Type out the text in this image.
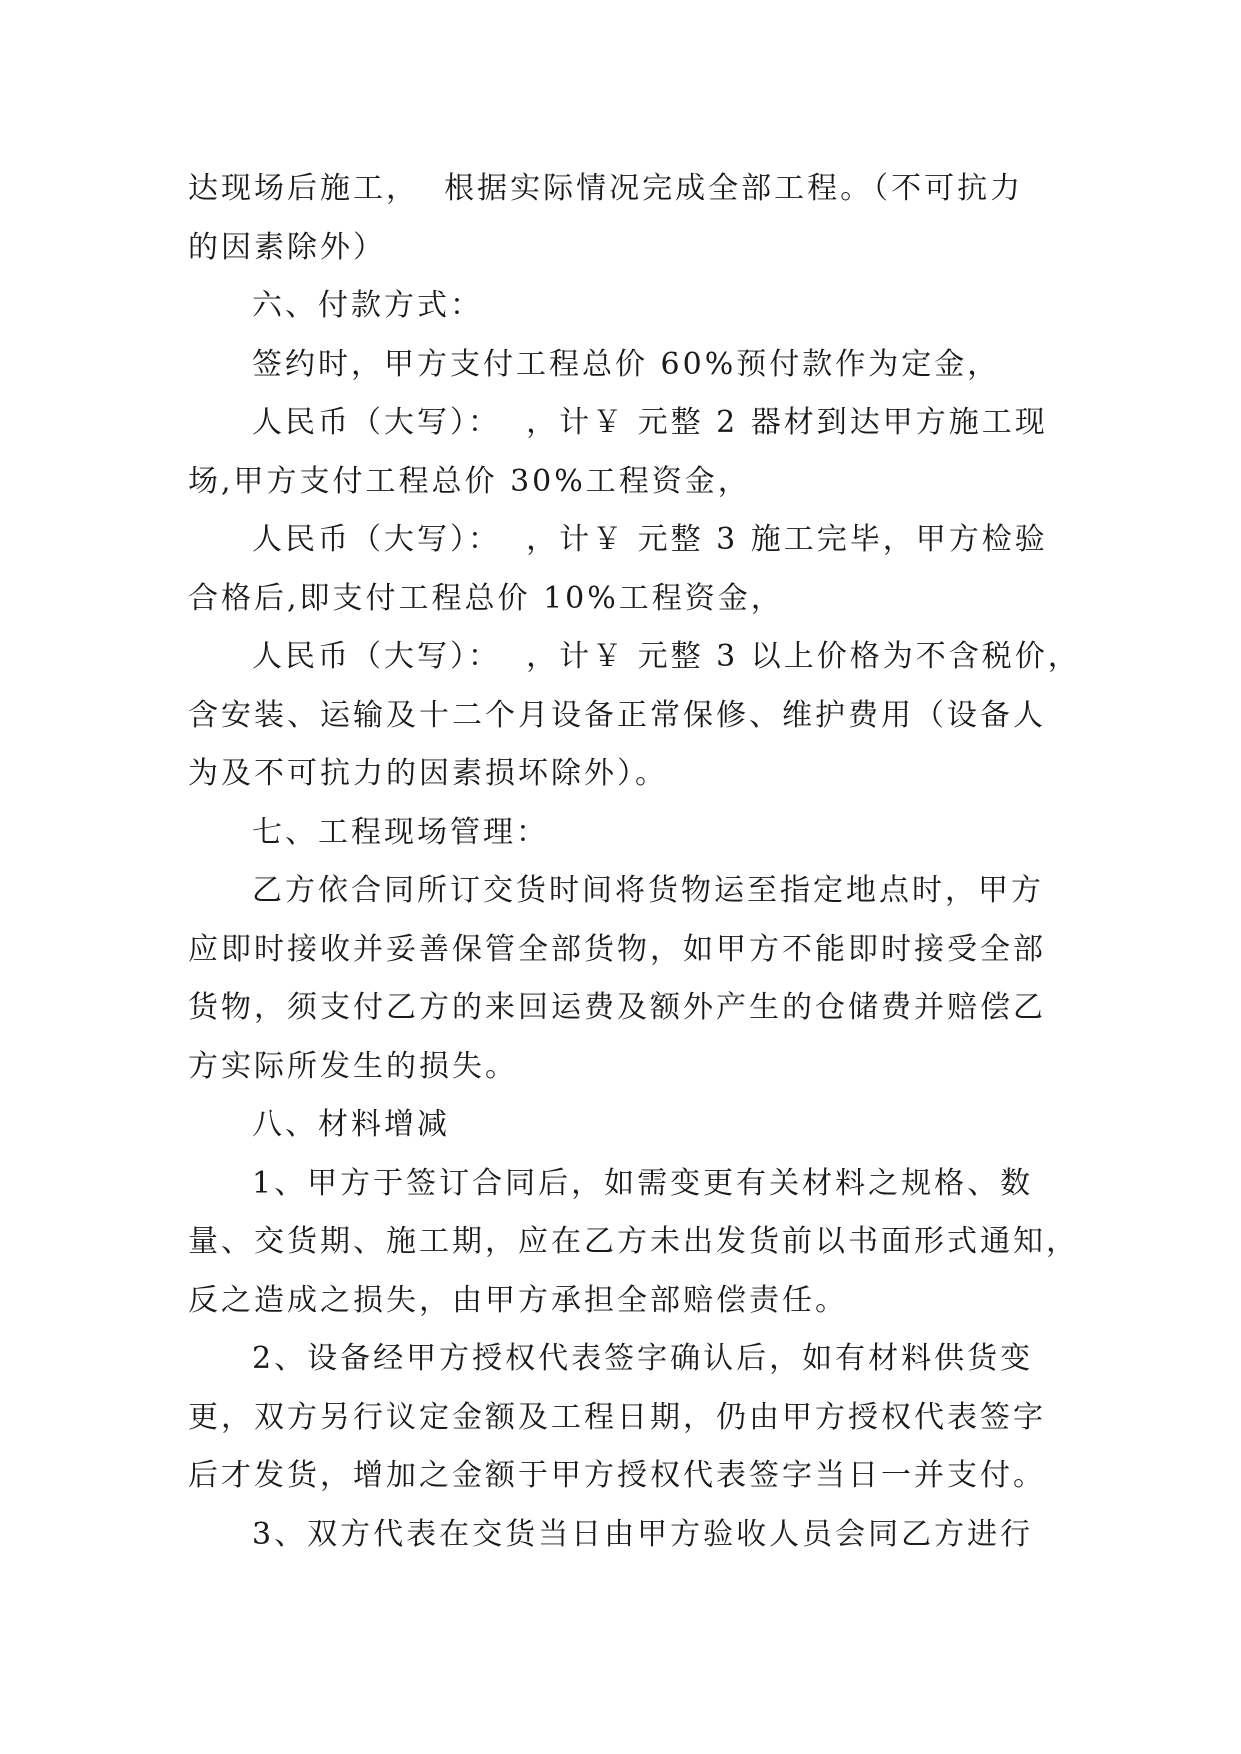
达现场后施工，  根据实际情况完成全部工程。（不可抗力
的因素除外）
六、付款方式：
签约时，甲方支付工程总价 60%预付款作为定金，
人民币（大写）：  ，计￥ 元整 2 器材到达甲方施工现
场,甲方支付工程总价 30%工程资金，
人民币（大写）：  ，计￥ 元整 3 施工完毕，甲方检验
合格后,即支付工程总价 10%工程资金，
人民币（大写）：  ，计￥ 元整 3 以上价格为不含税价，
含安装、运输及十二个月设备正常保修、维护费用（设备人
为及不可抗力的因素损坏除外）。
七、工程现场管理：
乙方依合同所订交货时间将货物运至指定地点时，甲方
应即时接收并妥善保管全部货物，如甲方不能即时接受全部
货物，须支付乙方的来回运费及额外产生的仓储费并赔偿乙
方实际所发生的损失。
八、材料增减
1、甲方于签订合同后，如需变更有关材料之规格、数
量、交货期、施工期，应在乙方未出发货前以书面形式通知，
反之造成之损失，由甲方承担全部赔偿责任。
2、设备经甲方授权代表签字确认后，如有材料供货变
更，双方另行议定金额及工程日期，仍由甲方授权代表签字
后才发货，增加之金额于甲方授权代表签字当日一并支付。
3、双方代表在交货当日由甲方验收人员会同乙方进行
